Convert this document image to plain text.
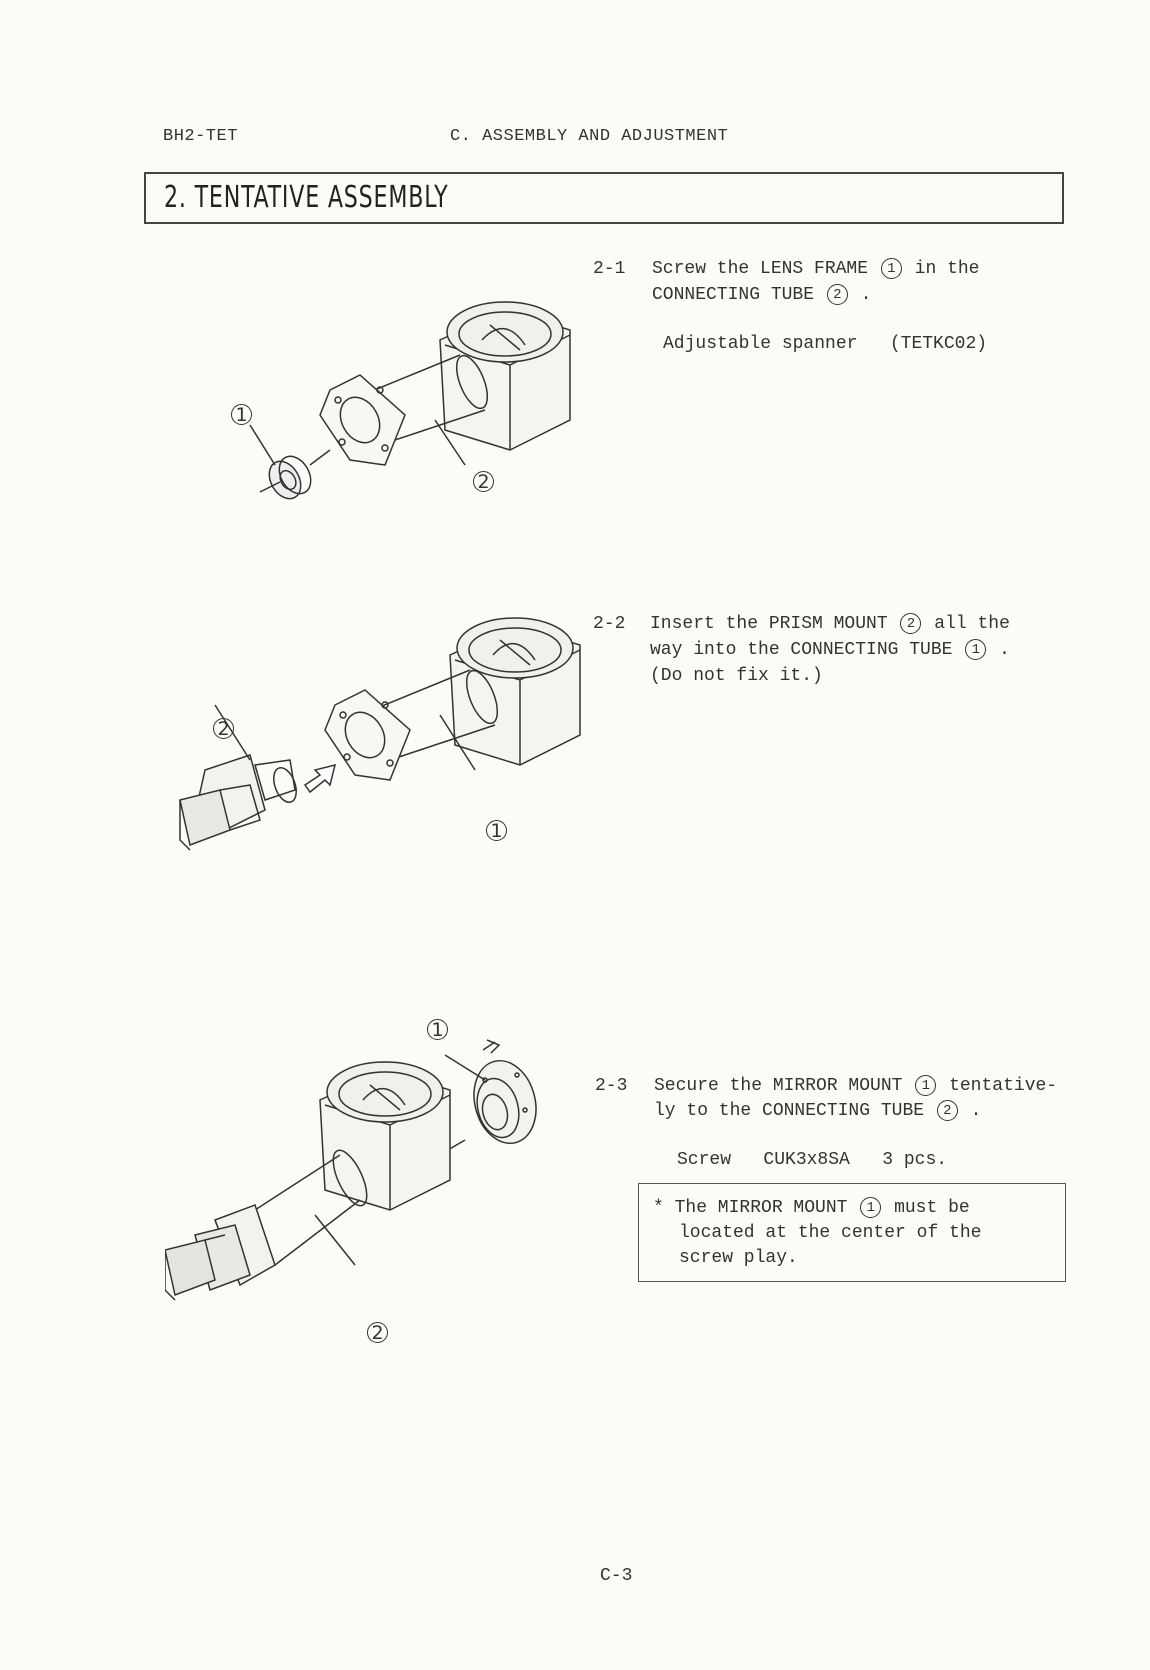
BH2-TET	C. ASSEMBLY AND ADJUSTMENT
2. TENTATIVE ASSEMBLY
2-1 Screw the LENS FRAME 1 in the
CONNECTING TUBE 2 .
Adjustable spanner   (TETKC02)
1
2
2-2 Insert the PRISM MOUNT 2 all the
way into the CONNECTING TUBE 1 .
(Do not fix it.)
2
1
2-3 Secure the MIRROR MOUNT 1 tentative-
ly to the CONNECTING TUBE 2 .
Screw   CUK3x8SA   3 pcs.
* The MIRROR MOUNT 1 must be
located at the center of the
screw play.
1
2
C-3
